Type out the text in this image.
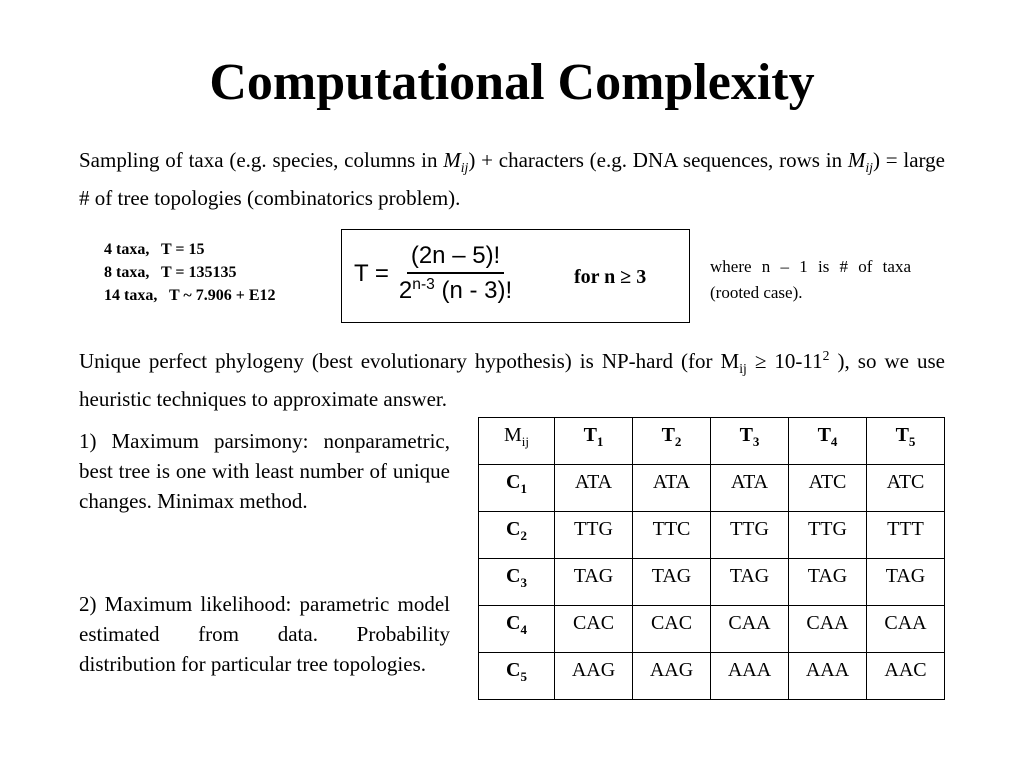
Computational Complexity
Sampling of taxa (e.g. species, columns in $M_{ij}$) + characters (e.g. DNA sequences, rows in $M_{ij}$) = large # of tree topologies (combinatorics problem).
4 taxa,   T = 15
8 taxa,   T = 135135
14 taxa,   T ~ 7.906 + E12
$T = \frac{(2n - 5)!}{2^{n-3} (n - 3)!}$	for n ≥ 3	where n – 1 is # of taxa (rooted case).
Unique perfect phylogeny (best evolutionary hypothesis) is NP-hard (for $M_{ij} \ge 10-11^2$ ), so we use heuristic techniques to approximate answer.
1) Maximum parsimony: nonparametric, best tree is one with least number of unique changes. Minimax method.
2) Maximum likelihood: parametric model estimated from data. Probability distribution for particular tree topologies.
$M_{ij}$	$T_1$	$T_2$	$T_3$	$T_4$	$T_5$
$C_1$	ATA	ATA	ATA	ATC	ATC
$C_2$	TTG	TTC	TTG	TTG	TTT
$C_3$	TAG	TAG	TAG	TAG	TAG
$C_4$	CAC	CAC	CAA	CAA	CAA
$C_5$	AAG	AAG	AAA	AAA	AAC
